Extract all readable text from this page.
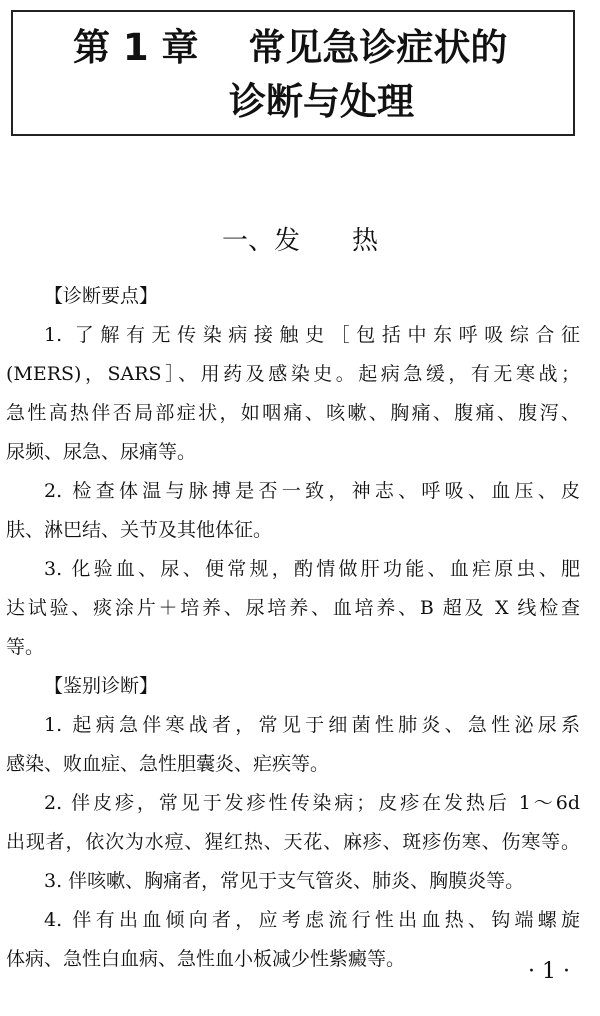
第 1 章　 常见急诊症状的
诊断与处理
一、发　　热
【诊断要点】
1. 了解有无传染病接触史［包括中东呼吸综合征
(MERS)，SARS］、用药及感染史。起病急缓，有无寒战；
急性高热伴否局部症状，如咽痛、咳嗽、胸痛、腹痛、腹泻、
尿频、尿急、尿痛等。
2. 检查体温与脉搏是否一致，神志、呼吸、血压、皮
肤、淋巴结、关节及其他体征。
3. 化验血、尿、便常规，酌情做肝功能、血疟原虫、肥
达试验、痰涂片＋培养、尿培养、血培养、B 超及 X 线检查
等。
【鉴别诊断】
1. 起病急伴寒战者，常见于细菌性肺炎、急性泌尿系
感染、败血症、急性胆囊炎、疟疾等。
2. 伴皮疹，常见于发疹性传染病；皮疹在发热后 1～6d
出现者，依次为水痘、猩红热、天花、麻疹、斑疹伤寒、伤寒等。
3. 伴咳嗽、胸痛者，常见于支气管炎、肺炎、胸膜炎等。
4. 伴有出血倾向者，应考虑流行性出血热、钩端螺旋
体病、急性白血病、急性血小板减少性紫癜等。	· 1 ·
